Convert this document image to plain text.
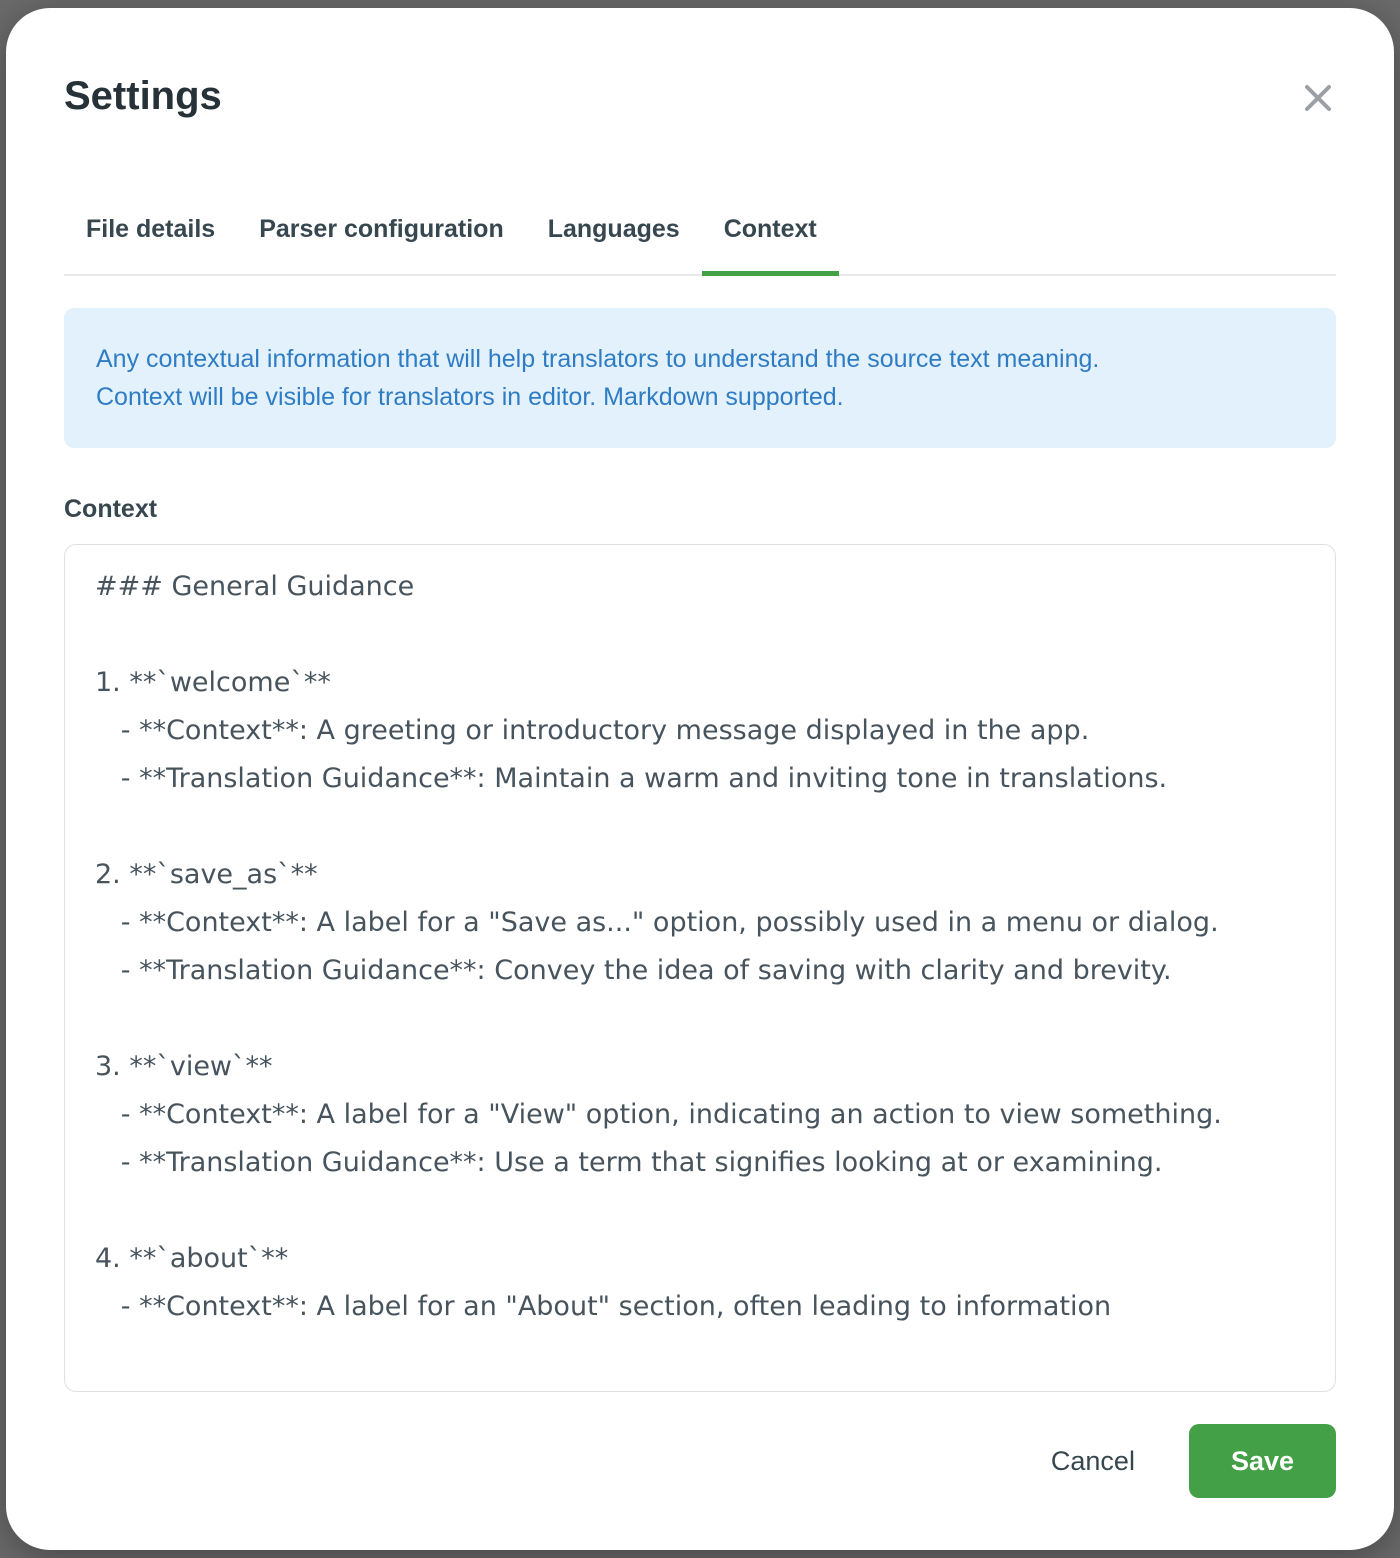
Settings
File details	Parser configuration	Languages	Context
Any contextual information that will help translators to understand the source text meaning.
Context will be visible for translators in editor. Markdown supported.
Context
### General Guidance 1. **`welcome`** - **Context**: A greeting or introductory message displayed in the app. - **Translation Guidance**: Maintain a warm and inviting tone in translations. 2. **`save_as`** - **Context**: A label for a "Save as..." option, possibly used in a menu or dialog. - **Translation Guidance**: Convey the idea of saving with clarity and brevity. 3. **`view`** - **Context**: A label for a "View" option, indicating an action to view something. - **Translation Guidance**: Use a term that signifies looking at or examining. 4. **`about`** - **Context**: A label for an "About" section, often leading to information
Cancel	Save
